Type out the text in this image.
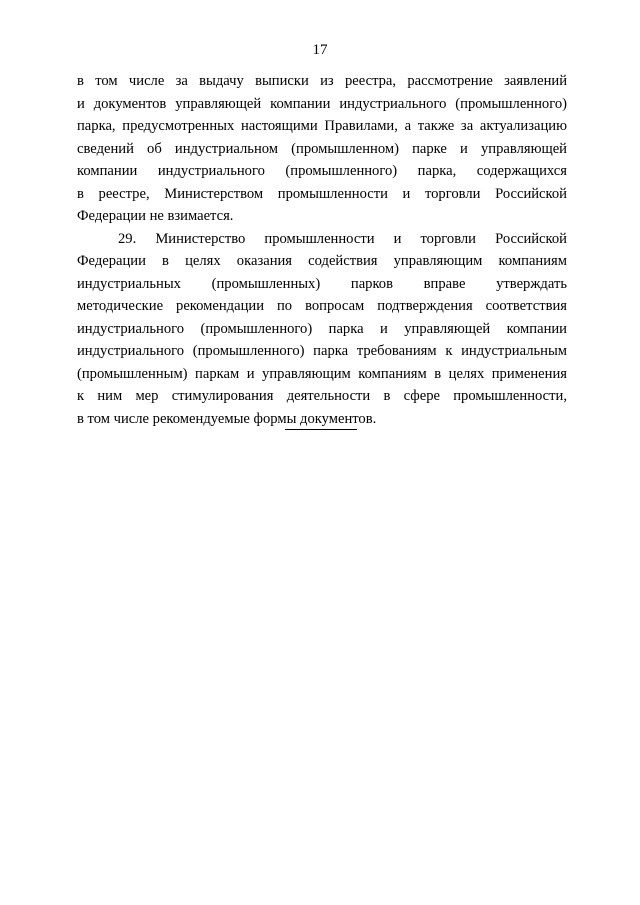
17
в том числе за выдачу выписки из реестра, рассмотрение заявлений
и документов управляющей компании индустриального (промышленного)
парка, предусмотренных настоящими Правилами, а также за актуализацию
сведений об индустриальном (промышленном) парке и управляющей
компании индустриального (промышленного) парка, содержащихся
в реестре, Министерством промышленности и торговли Российской
Федерации не взимается.
29. Министерство промышленности и торговли Российской
Федерации в целях оказания содействия управляющим компаниям
индустриальных (промышленных) парков вправе утверждать
методические рекомендации по вопросам подтверждения соответствия
индустриального (промышленного) парка и управляющей компании
индустриального (промышленного) парка требованиям к индустриальным
(промышленным) паркам и управляющим компаниям в целях применения
к ним мер стимулирования деятельности в сфере промышленности,
в том числе рекомендуемые формы документов.
